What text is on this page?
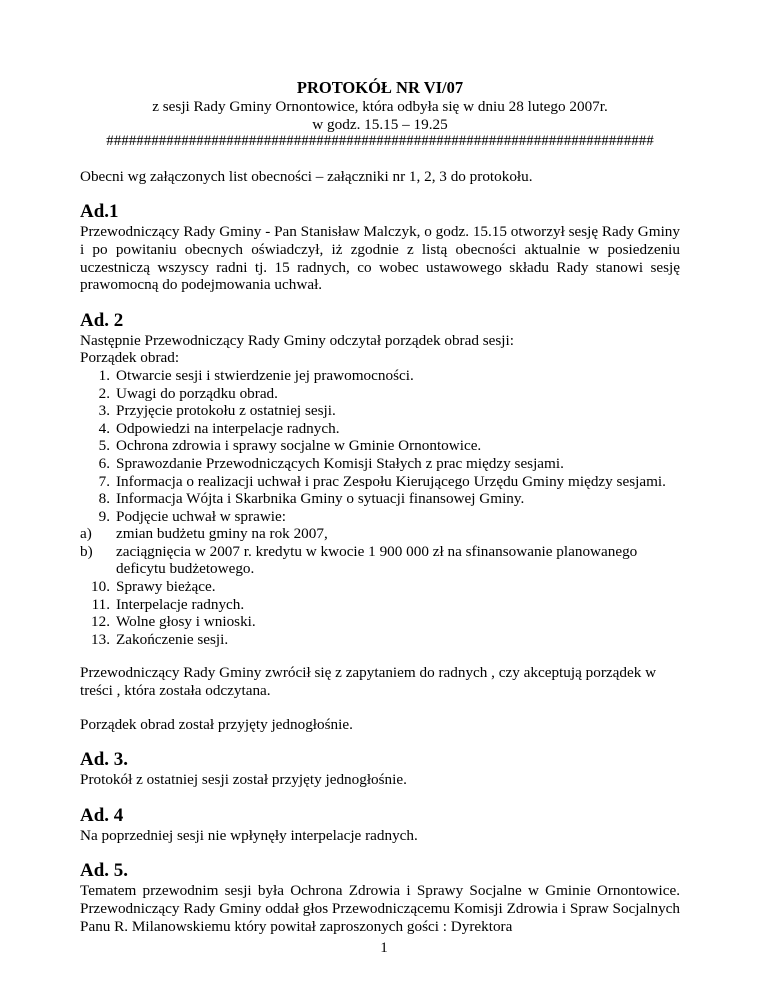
PROTOKÓŁ NR VI/07
z sesji Rady Gminy Ornontowice, która odbyła się w dniu 28 lutego 2007r.
w godz. 15.15 – 19.25
#########################################################################

Obecni wg załączonych list obecności – załączniki nr 1, 2, 3 do protokołu.

Ad.1

Przewodniczący Rady Gminy - Pan Stanisław Malczyk, o godz. 15.15 otworzył sesję Rady Gminy i po powitaniu obecnych oświadczył, iż zgodnie z listą obecności aktualnie w posiedzeniu uczestniczą wszyscy radni tj. 15 radnych, co wobec ustawowego składu Rady stanowi sesję prawomocną do podejmowania uchwał.

Ad. 2

Następnie Przewodniczący Rady Gminy odczytał porządek obrad sesji:

Porządek obrad:

1. Otwarcie sesji i stwierdzenie jej prawomocności.
2. Uwagi do porządku obrad.
3. Przyjęcie protokołu z ostatniej sesji.
4. Odpowiedzi na interpelacje radnych.
5. Ochrona zdrowia i sprawy socjalne w Gminie Ornontowice.
6. Sprawozdanie Przewodniczących Komisji Stałych z prac między sesjami.
7. Informacja o realizacji uchwał i prac Zespołu Kierującego Urzędu Gminy między sesjami.
8. Informacja Wójta i Skarbnika Gminy o sytuacji finansowej Gminy.
9. Podjęcie uchwał w sprawie:
a)	zmian budżetu gminy na rok 2007,
b)	zaciągnięcia w 2007 r. kredytu w kwocie 1 900 000 zł na sfinansowanie planowanego deficytu budżetowego.
10. Sprawy bieżące.
11. Interpelacje radnych.
12. Wolne głosy i wnioski.
13. Zakończenie sesji.

Przewodniczący Rady Gminy zwrócił się z zapytaniem do radnych , czy akceptują porządek w treści , która została odczytana.

Porządek obrad został przyjęty jednogłośnie.

Ad. 3.

Protokół z ostatniej sesji został przyjęty jednogłośnie.

Ad. 4

Na poprzedniej sesji nie wpłynęły interpelacje radnych.

Ad. 5.

Tematem przewodnim sesji była Ochrona Zdrowia i Sprawy Socjalne w Gminie Ornontowice. Przewodniczący Rady Gminy oddał głos Przewodniczącemu Komisji Zdrowia i Spraw Socjalnych Panu R. Milanowskiemu który powitał zaproszonych gości : Dyrektora

1
